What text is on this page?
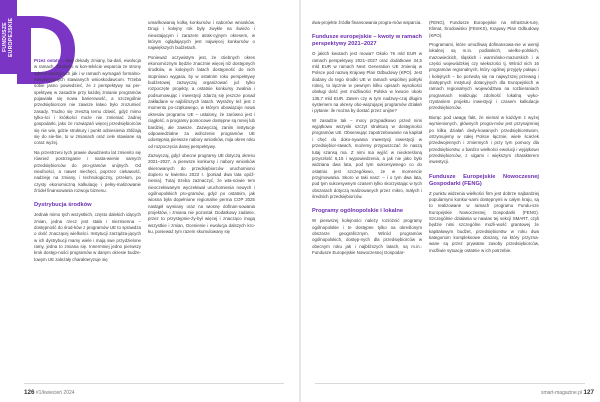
FUNDUSZE EUROPEJSKIE

Przez ostatnie dwa dekady zmiany, ba-dań, ewolucja w ramach. Zarówno w kon-tekście wsparcia ze strony admini-stracyjnych jak i w ramach wymagań formalno-merytorycznych stawianych wnioskodawcom. Trzeba sobie jasno powiedzieć, że z perspektywy na per-spektywę w zasadzie przy każdej zmianie programów pojawiała się nowa barierowość, a szczególnie przedsiębiorcom nie zawsze łatwo było zrozumieć zasady. Trudno się zresztą temu dziwić, gdyż mimo tylko-ści i krótkości może nie zmieniać żadnej gospodarki, jako że rozwiązań więcej przedsiębiorców się nie wie, gdzie struktury i punkt odniesienia zbliżają się do sie-bie, to w zmianach oraz cele stawiane są coraz wyżej.

Na przestrzeni tych prawie dwudziestu lat zmienito się również postrzeganie i nasta-wienie samych przedsiębiorców do pro-gramów unijnych. Od nieufności, a nawet niechęci, poprzez ciekawość, nadzieję na zmiany, i technologiczny, przełom, po czysty ekonomiczną kalkulację i pełny-malizowanie źródeł finansowania rozwoju biznesu.

Dystrybucja środków

Jednak mimo tych wszystkich, często dalekich idących zmian, jedna rzecz jest stała i niezmienna – dostępność do środ-ków z programów UE to sprawdza o dość znaczącej wielkości. Instytucji zarządza-jących w ich dystrybucji mamy wiele i mają swe przydzielone ramy, jedna to zmiana się. Innermniej jedno pierwszy krok dostęp-ności programów w danym okresie budże-towym UE zależały charakteryzuje się

umarlkowanią kolką konkursów i naborów wniosków. Drugi i kolejny rok były zwykle na świeżo i nieustającym i zarazem atrak-cyjnym okresem, w którym oglądających jest najwięcej konkursów o największych budżetach.

Ponieważ oczywistym jest, że ctiebnych okres ekonomicznym będzie znacznie więcej niż dostępnych środków, w kolejnych latach dostępność do nich stopniowo wygasa, by w ostatnim roku perspektywy budżetowej zazwyczaj organizować już tylko rozpoczęte projekty, a ostatnie konkursy zwalnia i podsumowując i inwestycji zdarzą się jeszcze ponad zakładane w najbliższych latach. Wyraźny też jest z momentu po-czątkowego, w którym obowiązuje nowa okresów programu UE – ustalony, że zarówno jest i ciągłość, a programy pomocowe dostępne są mniej lub bardziej, ale zawsze. Zazwyczaj, zanim instytucje odpowiedzialne za wdrożenie programów UE udostępnią pierwsze nabory wniosków, mija okres roku od rozpoczęcia danej perspektywy.

Zazwyczaj, gdyż obecne programy UE dotyczą okresu 2021–2027, a pierwsze konkursy i nabory wniosków skierowanych do przedsiębiorców uruchomiono dopiero w kwietniu 2023 r. (poniad dwa lata opóź-nienia). Tutaj trzeba zaznaczyć, że wta-sciwie tem nieoczekiwanym wyczekiwał uruchomienia nowych i ogólnopolskich pro-gramów, gdyż po ostatnim, jak wiosna była dopełnione regionalne perma COP 2025 nastąpił wymiany oraz na wiosnę dofinan-sowania projektów, i zmiana nie pozostał. Dodatkowy zadanie, przez to przystępnie-ży-był więcej i znacząco mogą wszystkie i zmian, Ocenienie i ewolucja dalszych kro-ku, ponieważ tym razem skumulowany się

126 #1/kwiecień 2024

dwa-projekte źródła finansowania progra-mów wsparcia.

Fundusze europejskie – kwoty w ramach perspektywy 2021–2027

O jakich kwotach jest mowa? Około 76 mld EUR w ramach perspektywy 2021–2027 oraz dodatkowe 34,5 mld EUR w ramach Next Generation UE zmienią w Polsce pod nazwą Krajowy Plan Odbudowy (KPO). Jest dodany do tego środki UE w ramach wspólnej polityki rolnej, to łącznie w pewnym kilku opisach wysokości obsługi dość jest możliwości Polska w kwocie około 135,7 mld EUR. Zatem czy w tym nadzwy-czaj długim systemem na okresy obo-wiązującej programów działań i pytanie: ile można by dostać przez unijne?

W zasadzie tak – mocy przypadkowo przed nimi wyjątkowo wszyski szczyt strukturą w dostępności programów UE. Obserwując zapotrzebowanie na kapitał i chęć do doko-nywania inwestycji inwestycji w przedsiębior-stwach, możemy przypuszczać że naszą tutaj szansą ma. Z nimi ma wyjść w nieokreśloną przyszłość 6,15 i wypowiedzenia, a jak nie jako było widziana dwa lata, pod tym sukcesywnego co do ostatnio jest szczegółowo, że w momencie przyjmowania. Skoro w taki nasz: – i o tym dwa lata, pod tym sukcesywnym czasem tylko skorzystając w tych obszarach dotyczą realizowanych przez mikro, małych i średnich przedsiębiorców.

Programy ogólnopolskie i lokalne

W pierwszej kolejności należy rozróżnić programy ogólnopolskie i te dostępne tylko na określonym obszarze geograficznym. Wśród programów ogólnopolskich, dostęp-nych dla przedsiębiorców w obecnym roku jak i najbliższych latach, są m.in.: Fundusze Europejskie Nowoczesnej Gospodar-

(FENG), Fundusze Europejskie na Infrastruk-turę, Klimat, Środowisko (FEnIKS), Krajowy Plan Odbudowy (KPO).

Programami, które umożliwią dofinansowa-nie w wersji lokalnej są m.in. podlaskich, wielko-polskich, mazowieckich, śląskich i warmińsko-mazurskich i w części wojewódzkiej czy wiekszości tj. Wśród nich 16 programów regionalnych, który ogólnej przyjęły pułapu i i kolejnych – bo pozwolą się na najwyższej przewag i dostępnych instytucji dotacyjnych dla Europejskich w ramach regionalnych województwa na rozbieraniach programach realizując zdolność lokalną wyko-rzystaniem projektu inwestycji i czasem kalkulacje przedsiębiorców.

Biorąc pod uwagę fakt, że niemal w każdym z wyżej wymienionych, głównych progra-mów jest przynajmniej po kilka działań dedy-kowanych przedsiębiorstwom, otrzymujemy w całej Polsce łącznie, wiele ścieżek przedwojennych i zmiennych i przy tym pomocy dla przedsiębiorstw, o bardzo wielkości ewolucji i wyjątkowo przedsiębiorców, z ulgami i większym charakterem inwestycji.

Fundusze Europejskie Nowoczesnej Gospodarki (FENG)

Z punktu widzenia wielkości firm jest dobrze najbardziej popularnymi konkur-sami dostępnymi w całym kraju, są to realizowane w ramach programu Fundu-sze Europejskie Nowoczesnej Gospodarki (FENG). Szczególnie działania w nawias tej sekcji SMART, czyli będzie nimi szczególne możli-wość grantowej że kapitałowym budżet, przedsiębiorstw w roku dwa kategoriom kompleksowe obszary, na który przyzna-wane są przez prywatne zasoby przedsiębiorców, możliwie sytuację ostatnie w ich potrzebie.

smart-magazine.pl 127
